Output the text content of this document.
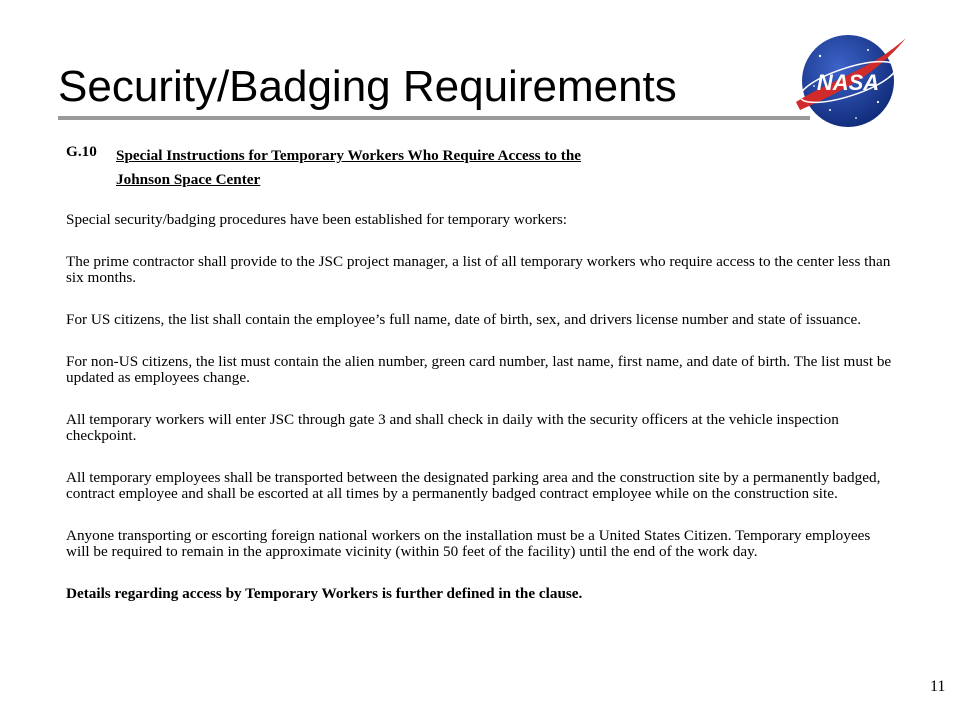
Security/Badging Requirements	NASA
G.10	Special Instructions for Temporary Workers Who Require Access to the
Johnson Space Center

Special security/badging procedures have been established for temporary workers:

The prime contractor shall provide to the JSC project manager, a list of all temporary workers who require access to the center less than six months.

For US citizens, the list shall contain the employee’s full name, date of birth, sex, and drivers license number and state of issuance.

For non-US citizens, the list must contain the alien number, green card number, last name, first name, and date of birth. The list must be updated as employees change.

All temporary workers will enter JSC through gate 3 and shall check in daily with the security officers at the vehicle inspection checkpoint.

All temporary employees shall be transported between the designated parking area and the construction site by a permanently badged, contract employee and shall be escorted at all times by a permanently badged contract employee while on the construction site.

Anyone transporting or escorting foreign national workers on the installation must be a United States Citizen. Temporary employees will be required to remain in the approximate vicinity (within 50 feet of the facility) until the end of the work day.

Details regarding access by Temporary Workers is further defined in the clause.

11
